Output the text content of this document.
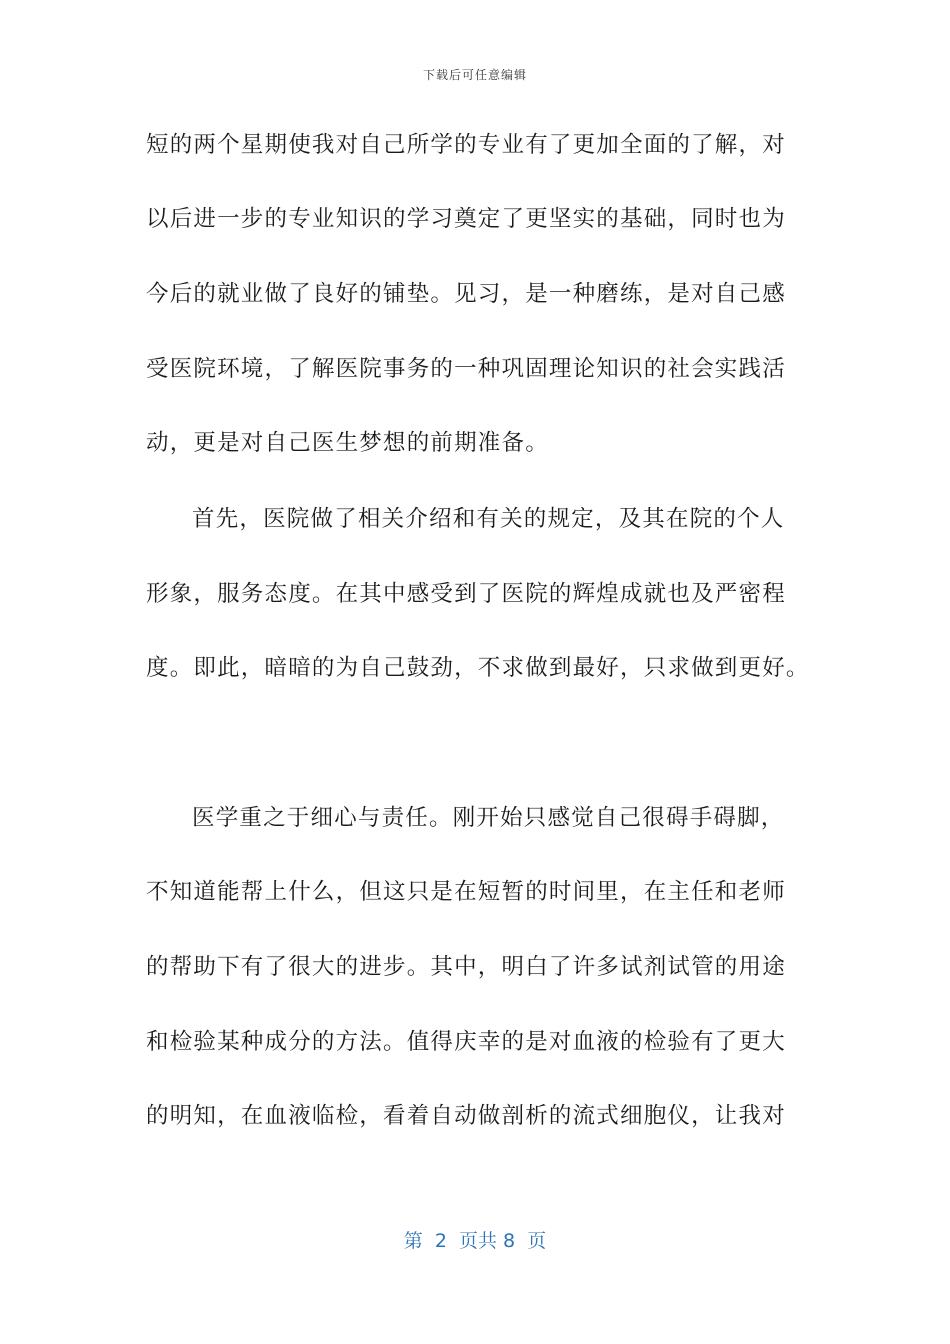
下载后可任意编辑
短的两个星期使我对自己所学的专业有了更加全面的了解，对
以后进一步的专业知识的学习奠定了更坚实的基础，同时也为
今后的就业做了良好的铺垫。见习，是一种磨练，是对自己感
受医院环境，了解医院事务的一种巩固理论知识的社会实践活
动，更是对自己医生梦想的前期准备。
首先，医院做了相关介绍和有关的规定，及其在院的个人
形象，服务态度。在其中感受到了医院的辉煌成就也及严密程
度。即此，暗暗的为自己鼓劲，不求做到最好，只求做到更好。
医学重之于细心与责任。刚开始只感觉自己很碍手碍脚，
不知道能帮上什么，但这只是在短暂的时间里，在主任和老师
的帮助下有了很大的进步。其中，明白了许多试剂试管的用途
和检验某种成分的方法。值得庆幸的是对血液的检验有了更大
的明知，在血液临检，看着自动做剖析的流式细胞仪，让我对
第  2  页共 8  页
